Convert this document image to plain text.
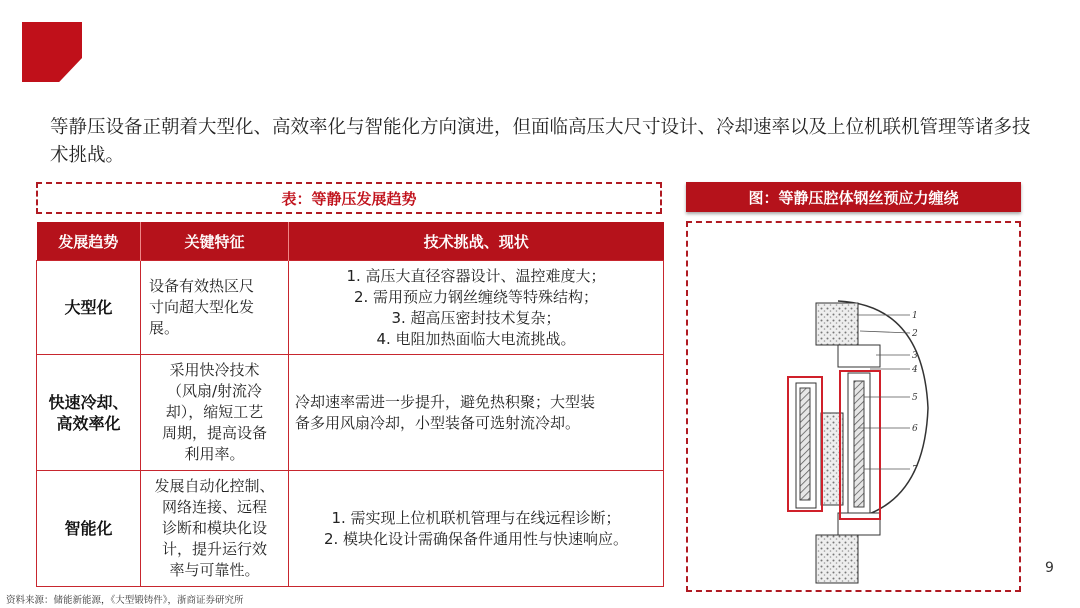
等静压设备正朝着大型化、高效率化与智能化方向演进，但面临高压大尺寸设计、冷却速率以及上位机联机管理等诸多技术挑战。
表：等静压发展趋势
发展趋势	关键特征	技术挑战、现状

大型化	设备有效热区尺
寸向超大型化发
展。	1. 高压大直径容器设计、温控难度大；
2. 需用预应力钢丝缠绕等特殊结构；
3. 超高压密封技术复杂；
4. 电阻加热面临大电流挑战。

快速冷却、
高效率化	采用快冷技术
（风扇/射流冷
却），缩短工艺
周期，提高设备
利用率。	冷却速率需进一步提升，避免热积聚；大型装
备多用风扇冷却，小型装备可选射流冷却。

智能化	发展自动化控制、
网络连接、远程
诊断和模块化设
计，提升运行效
率与可靠性。	1. 需实现上位机联机管理与在线远程诊断；
2. 模块化设计需确保备件通用性与快速响应。
图：等静压腔体钢丝预应力缠绕
1
2
3
4
5
6
7
9
资料来源：储能新能源，《大型锻铸件》，浙商证券研究所
